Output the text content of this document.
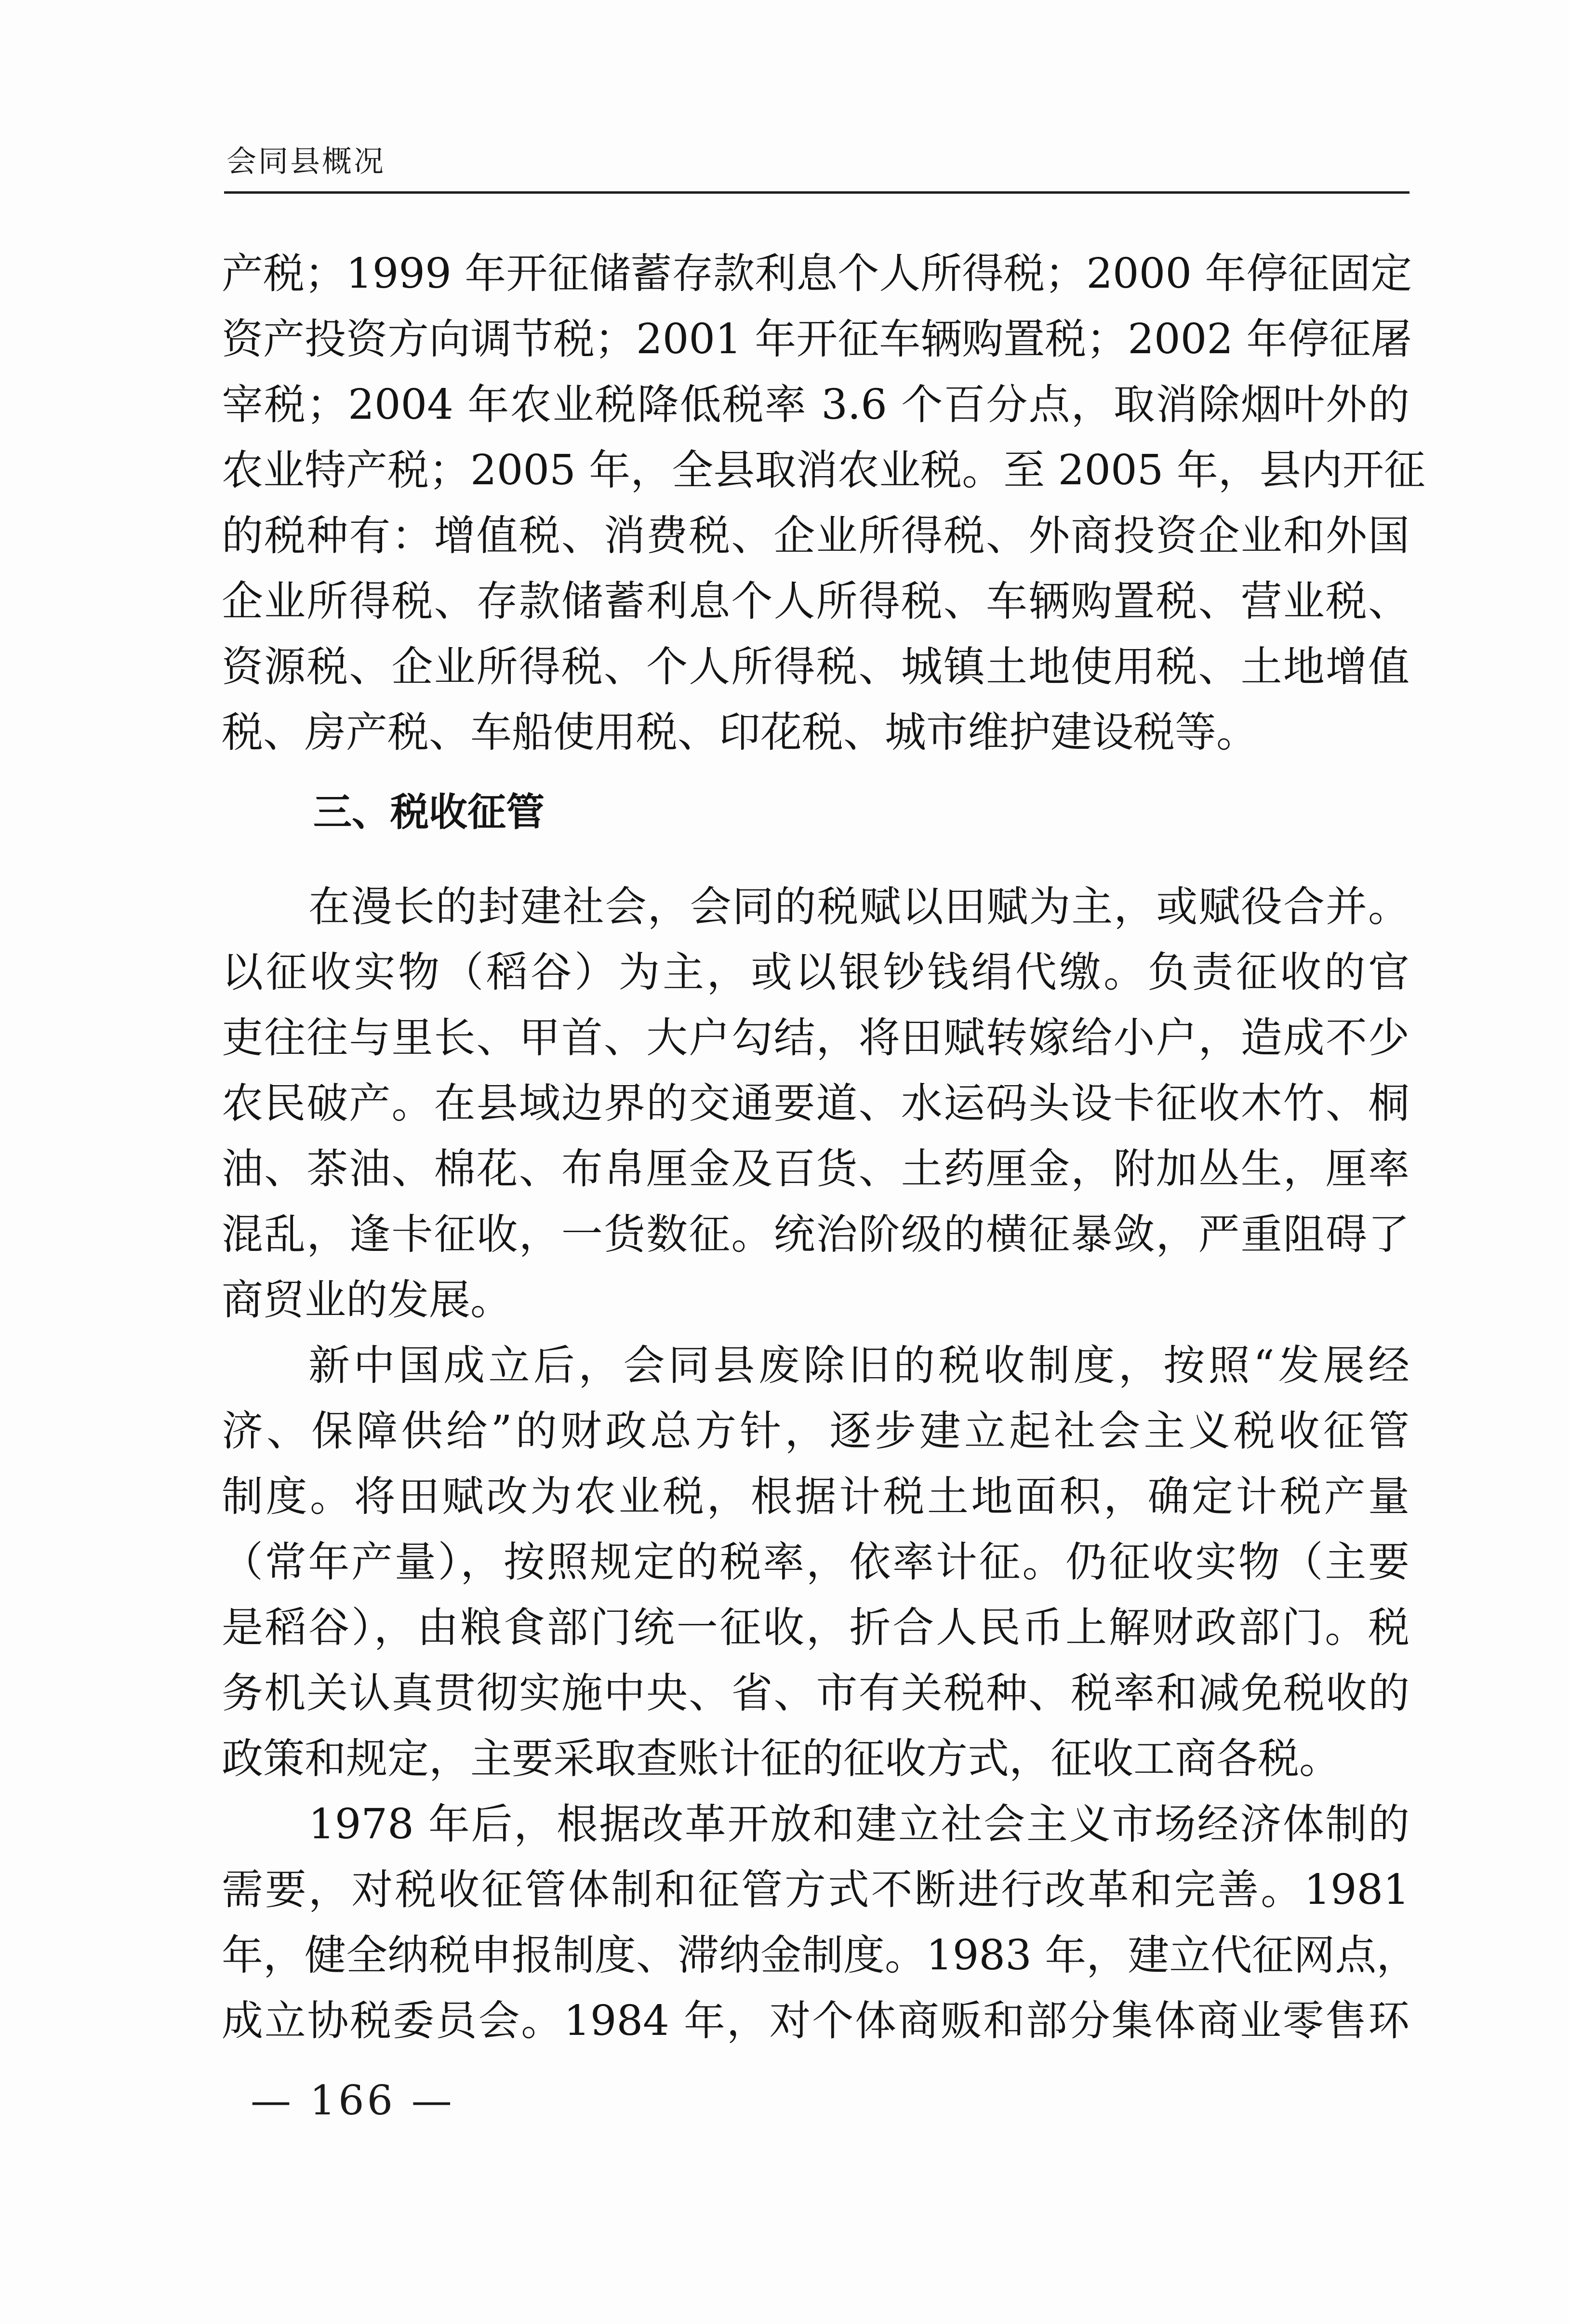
会同县概况
产税；1999 年开征储蓄存款利息个人所得税；2000 年停征固定
资产投资方向调节税；2001 年开征车辆购置税；2002 年停征屠
宰税；2004 年农业税降低税率 3.6 个百分点，取消除烟叶外的
农业特产税；2005 年，全县取消农业税。至 2005 年，县内开征
的税种有：增值税、消费税、企业所得税、外商投资企业和外国
企业所得税、存款储蓄利息个人所得税、车辆购置税、营业税、
资源税、企业所得税、个人所得税、城镇土地使用税、土地增值
税、房产税、车船使用税、印花税、城市维护建设税等。
三、税收征管
在漫长的封建社会，会同的税赋以田赋为主，或赋役合并。
以征收实物（稻谷）为主，或以银钞钱绢代缴。负责征收的官
吏往往与里长、甲首、大户勾结，将田赋转嫁给小户，造成不少
农民破产。在县域边界的交通要道、水运码头设卡征收木竹、桐
油、茶油、棉花、布帛厘金及百货、土药厘金，附加丛生，厘率
混乱，逢卡征收，一货数征。统治阶级的横征暴敛，严重阻碍了
商贸业的发展。
新中国成立后，会同县废除旧的税收制度，按照“发展经
济、保障供给”的财政总方针，逐步建立起社会主义税收征管
制度。将田赋改为农业税，根据计税土地面积，确定计税产量
（常年产量），按照规定的税率，依率计征。仍征收实物（主要
是稻谷），由粮食部门统一征收，折合人民币上解财政部门。税
务机关认真贯彻实施中央、省、市有关税种、税率和减免税收的
政策和规定，主要采取查账计征的征收方式，征收工商各税。
1978 年后，根据改革开放和建立社会主义市场经济体制的
需要，对税收征管体制和征管方式不断进行改革和完善。1981
年，健全纳税申报制度、滞纳金制度。1983 年，建立代征网点，
成立协税委员会。1984 年，对个体商贩和部分集体商业零售环
— 166 —
